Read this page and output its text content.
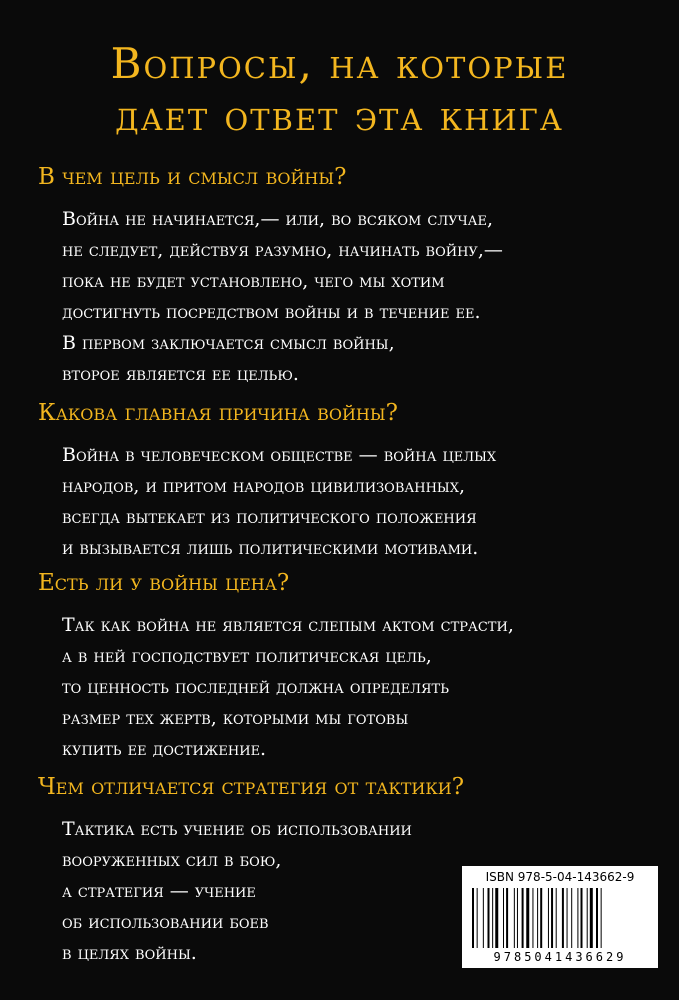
Вопросы, на которые
дает ответ эта книга
В чем цель и смысл войны?
Война не начинается,— или, во всяком случае,
не следует, действуя разумно, начинать войну,—
пока не будет установлено, чего мы хотим
достигнуть посредством войны и в течение ее.
В первом заключается смысл войны,
второе является ее целью.
Какова главная причина войны?
Война в человеческом обществе — война целых
народов, и притом народов цивилизованных,
всегда вытекает из политического положения
и вызывается лишь политическими мотивами.
Есть ли у войны цена?
Так как война не является слепым актом страсти,
а в ней господствует политическая цель,
то ценность последней должна определять
размер тех жертв, которыми мы готовы
купить ее достижение.
Чем отличается стратегия от тактики?
Тактика есть учение об использовании
вооруженных сил в бою,
а стратегия — учение
об использовании боев
в целях войны.
ISBN 978-5-04-143662-9
9785041436629
